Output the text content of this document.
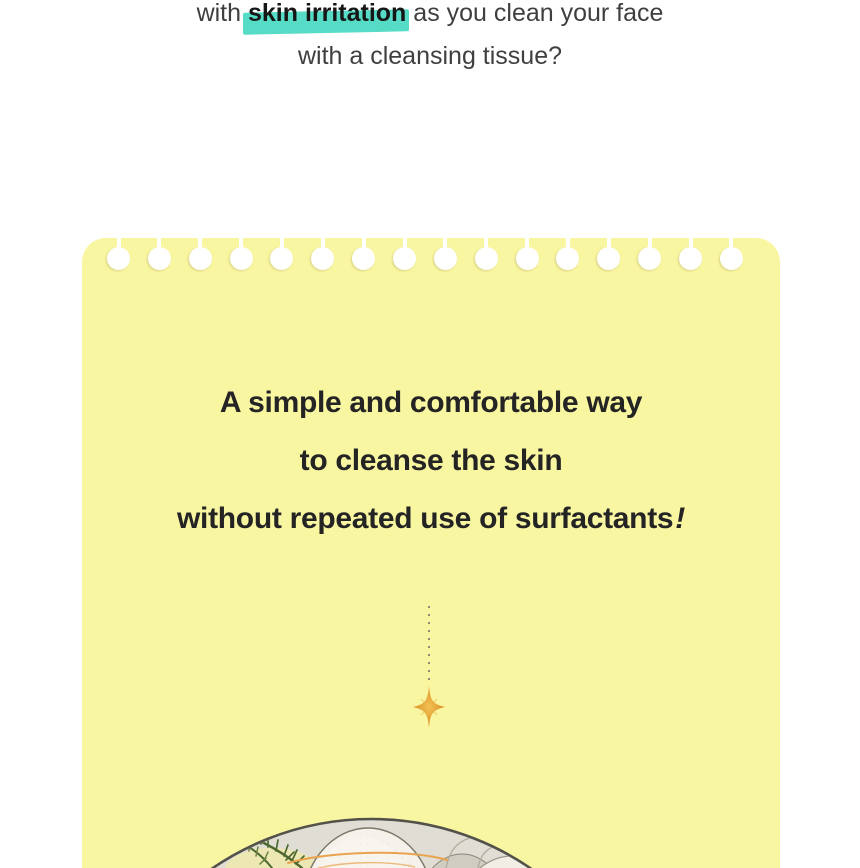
with skin irritation as you clean your face

with a cleansing tissue?

A simple and comfortable way
to cleanse the skin
without repeated use of surfactants!
